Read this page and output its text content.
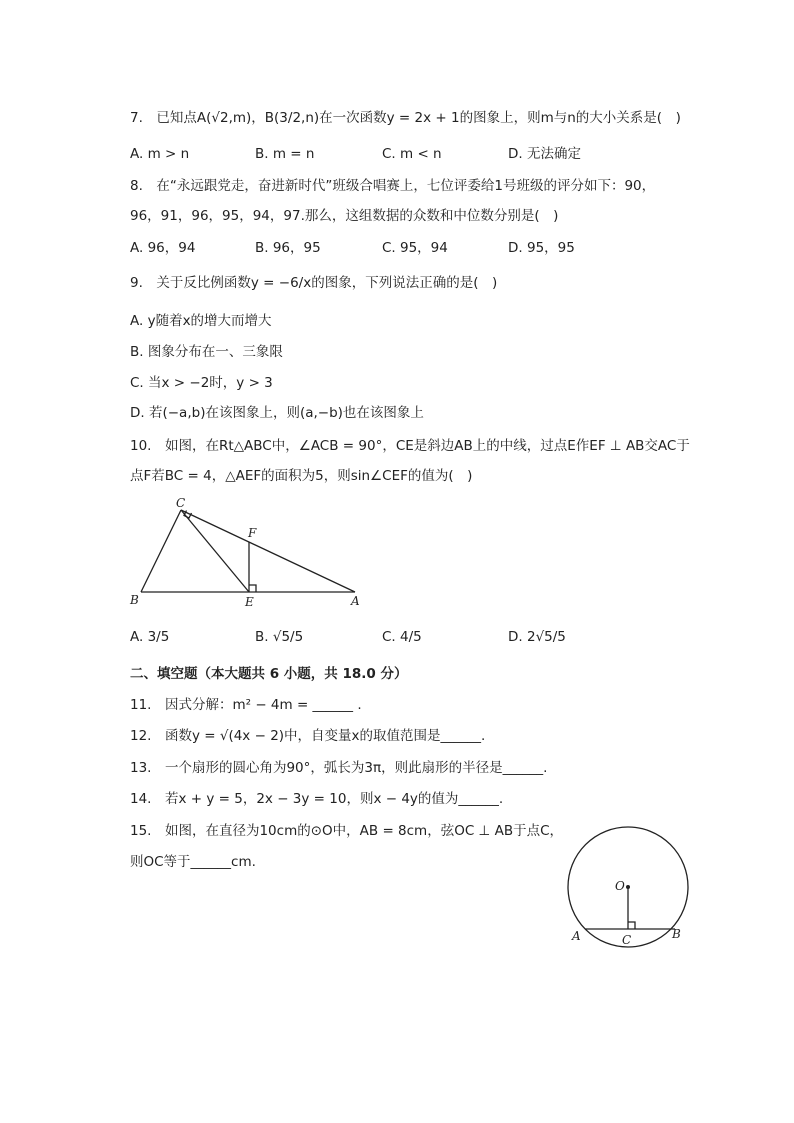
7.　已知点A(√2,m)，B(3/2,n)在一次函数y = 2x + 1的图象上，则m与n的大小关系是(　)
A. m > n	B. m = n	C. m < n	D. 无法确定
8.　在“永远跟党走，奋进新时代”班级合唱赛上，七位评委给1号班级的评分如下：90，
96，91，96，95，94，97.那么，这组数据的众数和中位数分别是(　)
A. 96，94	B. 96，95	C. 95，94	D. 95，95
9.　关于反比例函数y = −6/x的图象，下列说法正确的是(　)
A. y随着x的增大而增大
B. 图象分布在一、三象限
C. 当x > −2时，y > 3
D. 若(−a,b)在该图象上，则(a,−b)也在该图象上
10.　如图，在Rt△ABC中，∠ACB = 90°，CE是斜边AB上的中线，过点E作EF ⊥ AB交AC于
点F若BC = 4，△AEF的面积为5，则sin∠CEF的值为(　)
C
F
B	E	A
A. 3/5	B. √5/5	C. 4/5	D. 2√5/5
二、填空题（本大题共 6 小题，共 18.0 分）
11.　因式分解：m² − 4m = ______ .
12.　函数y = √(4x − 2)中，自变量x的取值范围是______.
13.　一个扇形的圆心角为90°，弧长为3π，则此扇形的半径是______.
14.　若x + y = 5，2x − 3y = 10，则x − 4y的值为______.
15.　如图，在直径为10cm的⊙O中，AB = 8cm，弦OC ⊥ AB于点C，
则OC等于______cm.
O
A	C	B
